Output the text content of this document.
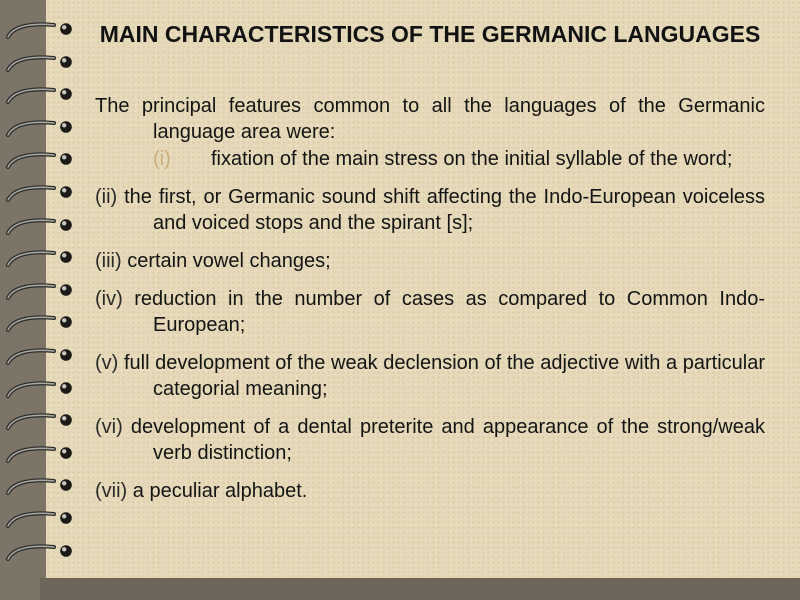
MAIN CHARACTERISTICS OF THE GERMANIC LANGUAGES

The principal features common to all the languages of the Germanic language area were:

(i)	fixation of the main stress on the initial syllable of the word;

(ii) the first, or Germanic sound shift affecting the Indo-European voiceless and voiced stops and the spirant [s];

(iii) certain vowel changes;

(iv) reduction in the number of cases as compared to Common Indo-European;

(v) full development of the weak declension of the adjective with a particular categorial meaning;

(vi) development of a dental preterite and appearance of the strong/weak verb distinction;

(vii) a peculiar alphabet.
